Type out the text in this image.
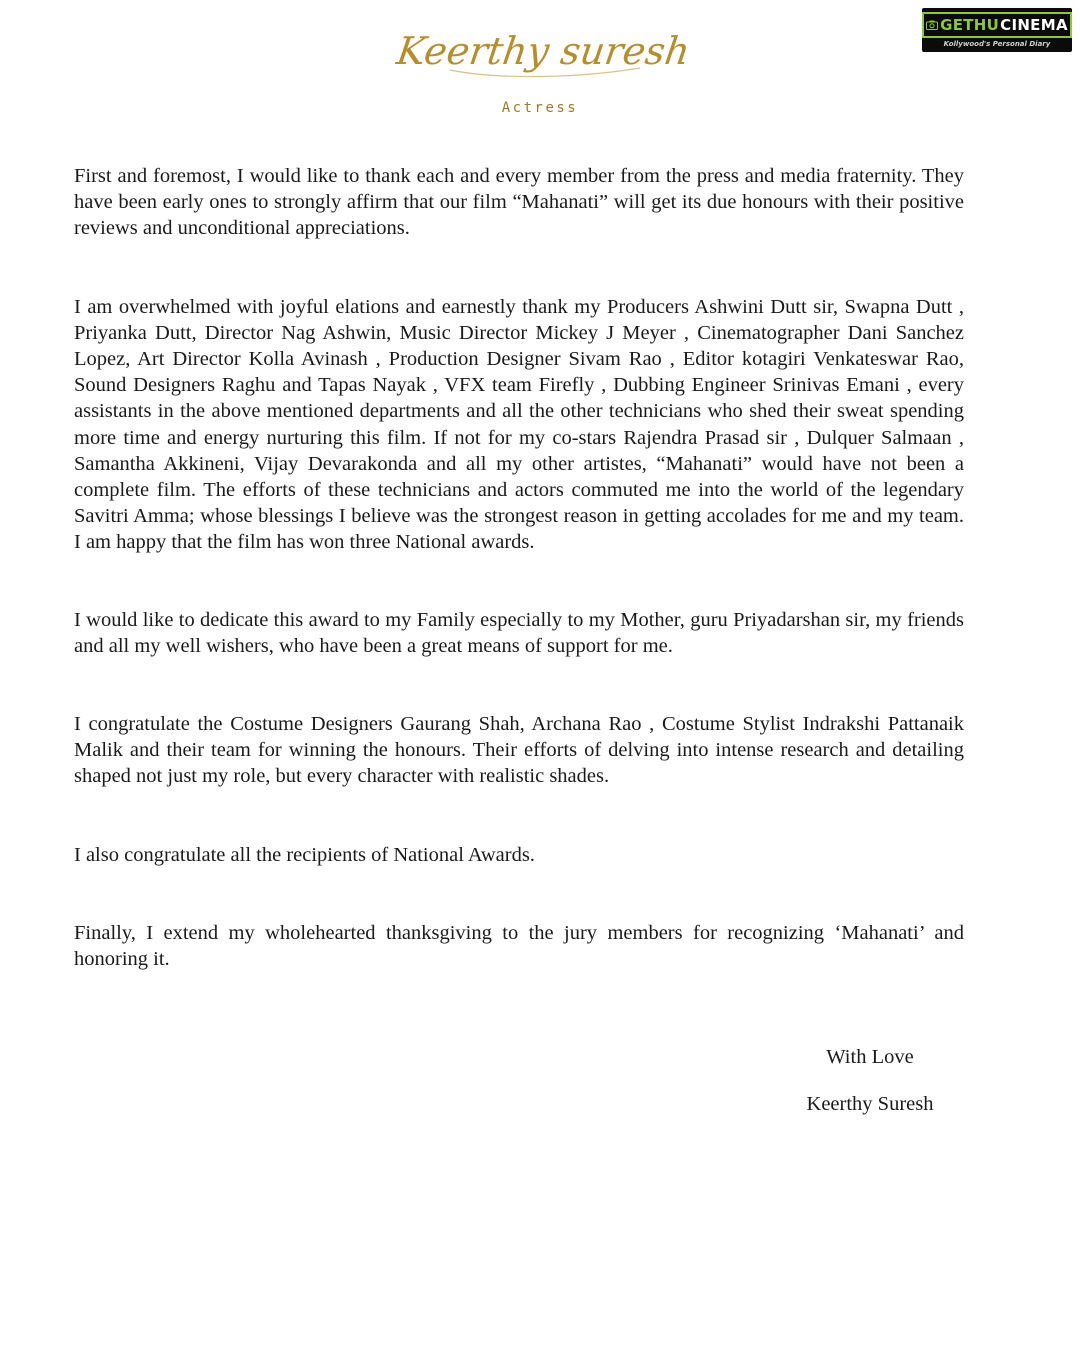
GETHU CINEMA
Kollywood's Personal Diary
Keerthy suresh
Actress

First and foremost, I would like to thank each and every member from the press and media fraternity. They have been early ones to strongly affirm that our film “Mahanati” will get its due honours with their positive reviews and unconditional appreciations.

I am overwhelmed with joyful elations and earnestly thank my Producers Ashwini Dutt sir, Swapna Dutt , Priyanka Dutt, Director Nag Ashwin, Music Director Mickey J Meyer , Cinematographer Dani Sanchez Lopez, Art Director Kolla Avinash , Production Designer Sivam Rao , Editor kotagiri Venkateswar Rao, Sound Designers Raghu and Tapas Nayak , VFX team Firefly , Dubbing Engineer Srinivas Emani , every assistants in the above mentioned departments and all the other technicians who shed their sweat spending more time and energy nurturing this film. If not for my co-stars Rajendra Prasad sir , Dulquer Salmaan , Samantha Akkineni, Vijay Devarakonda and all my other artistes, “Mahanati” would have not been a complete film. The efforts of these technicians and actors commuted me into the world of the legendary Savitri Amma; whose blessings I believe was the strongest reason in getting accolades for me and my team. I am happy that the film has won three National awards.

I would like to dedicate this award to my Family especially to my Mother, guru Priyadarshan sir, my friends and all my well wishers, who have been a great means of support for me.

I congratulate the Costume Designers Gaurang Shah, Archana Rao , Costume Stylist Indrakshi Pattanaik Malik and their team for winning the honours. Their efforts of delving into intense research and detailing shaped not just my role, but every character with realistic shades.

I also congratulate all the recipients of National Awards.

Finally, I extend my wholehearted thanksgiving to the jury members for recognizing ‘Mahanati’ and honoring it.

With Love
Keerthy Suresh
